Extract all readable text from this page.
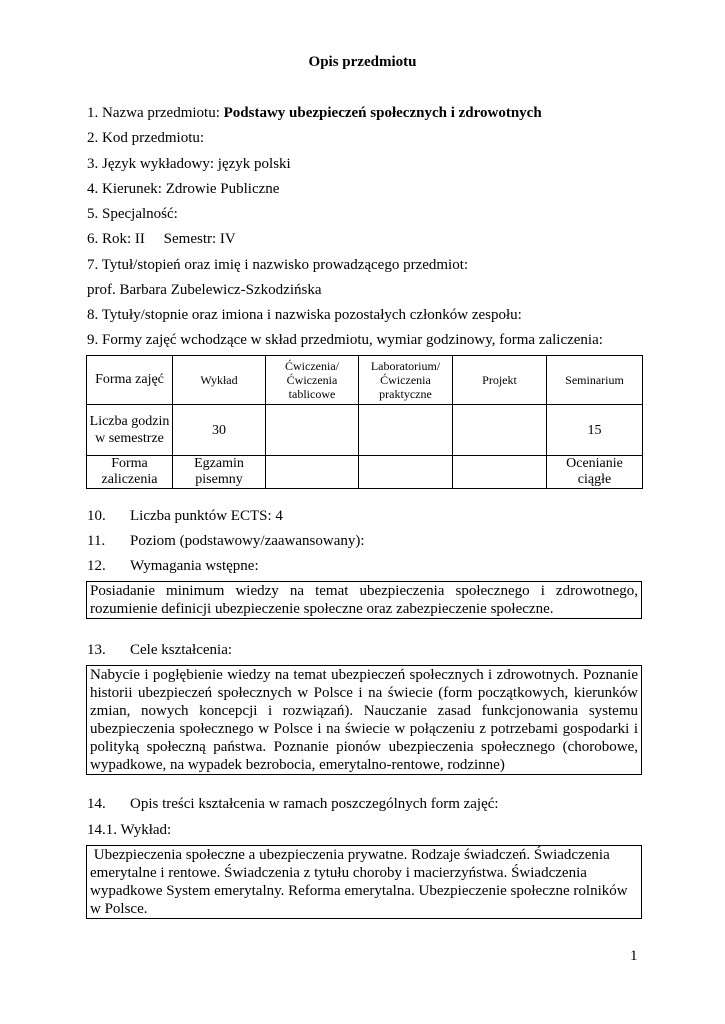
Opis przedmiotu
1. Nazwa przedmiotu: Podstawy ubezpieczeń społecznych i zdrowotnych
2. Kod przedmiotu:
3. Język wykładowy: język polski
4. Kierunek: Zdrowie Publiczne
5. Specjalność:
6. Rok: II     Semestr: IV
7. Tytuł/stopień oraz imię i nazwisko prowadzącego przedmiot:
prof. Barbara Zubelewicz-Szkodzińska
8. Tytuły/stopnie oraz imiona i nazwiska pozostałych członków zespołu:
9. Formy zajęć wchodzące w skład przedmiotu, wymiar godzinowy, forma zaliczenia:
Forma zajęć	Wykład	Ćwiczenia/ Ćwiczenia tablicowe	Laboratorium/ Ćwiczenia praktyczne	Projekt	Seminarium
Liczba godzin w semestrze	30				15
Forma zaliczenia	Egzamin pisemny				Ocenianie ciągłe
10. Liczba punktów ECTS: 4
11. Poziom (podstawowy/zaawansowany):
12. Wymagania wstępne:
Posiadanie minimum wiedzy na temat ubezpieczenia społecznego i zdrowotnego, rozumienie definicji ubezpieczenie społeczne oraz zabezpieczenie społeczne.
13. Cele kształcenia:
Nabycie i pogłębienie wiedzy na temat ubezpieczeń społecznych i zdrowotnych. Poznanie historii ubezpieczeń społecznych w Polsce i na świecie (form początkowych, kierunków zmian, nowych koncepcji i rozwiązań). Nauczanie zasad funkcjonowania systemu ubezpieczenia społecznego w Polsce i na świecie w połączeniu z potrzebami gospodarki i polityką społeczną państwa. Poznanie pionów ubezpieczenia społecznego (chorobowe, wypadkowe, na wypadek bezrobocia, emerytalno-rentowe, rodzinne)
14. Opis treści kształcenia w ramach poszczególnych form zajęć:
14.1. Wykład:
Ubezpieczenia społeczne a ubezpieczenia prywatne. Rodzaje świadczeń. Świadczenia emerytalne i rentowe. Świadczenia z tytułu choroby i macierzyństwa. Świadczenia wypadkowe System emerytalny. Reforma emerytalna. Ubezpieczenie społeczne rolników w Polsce.
1
